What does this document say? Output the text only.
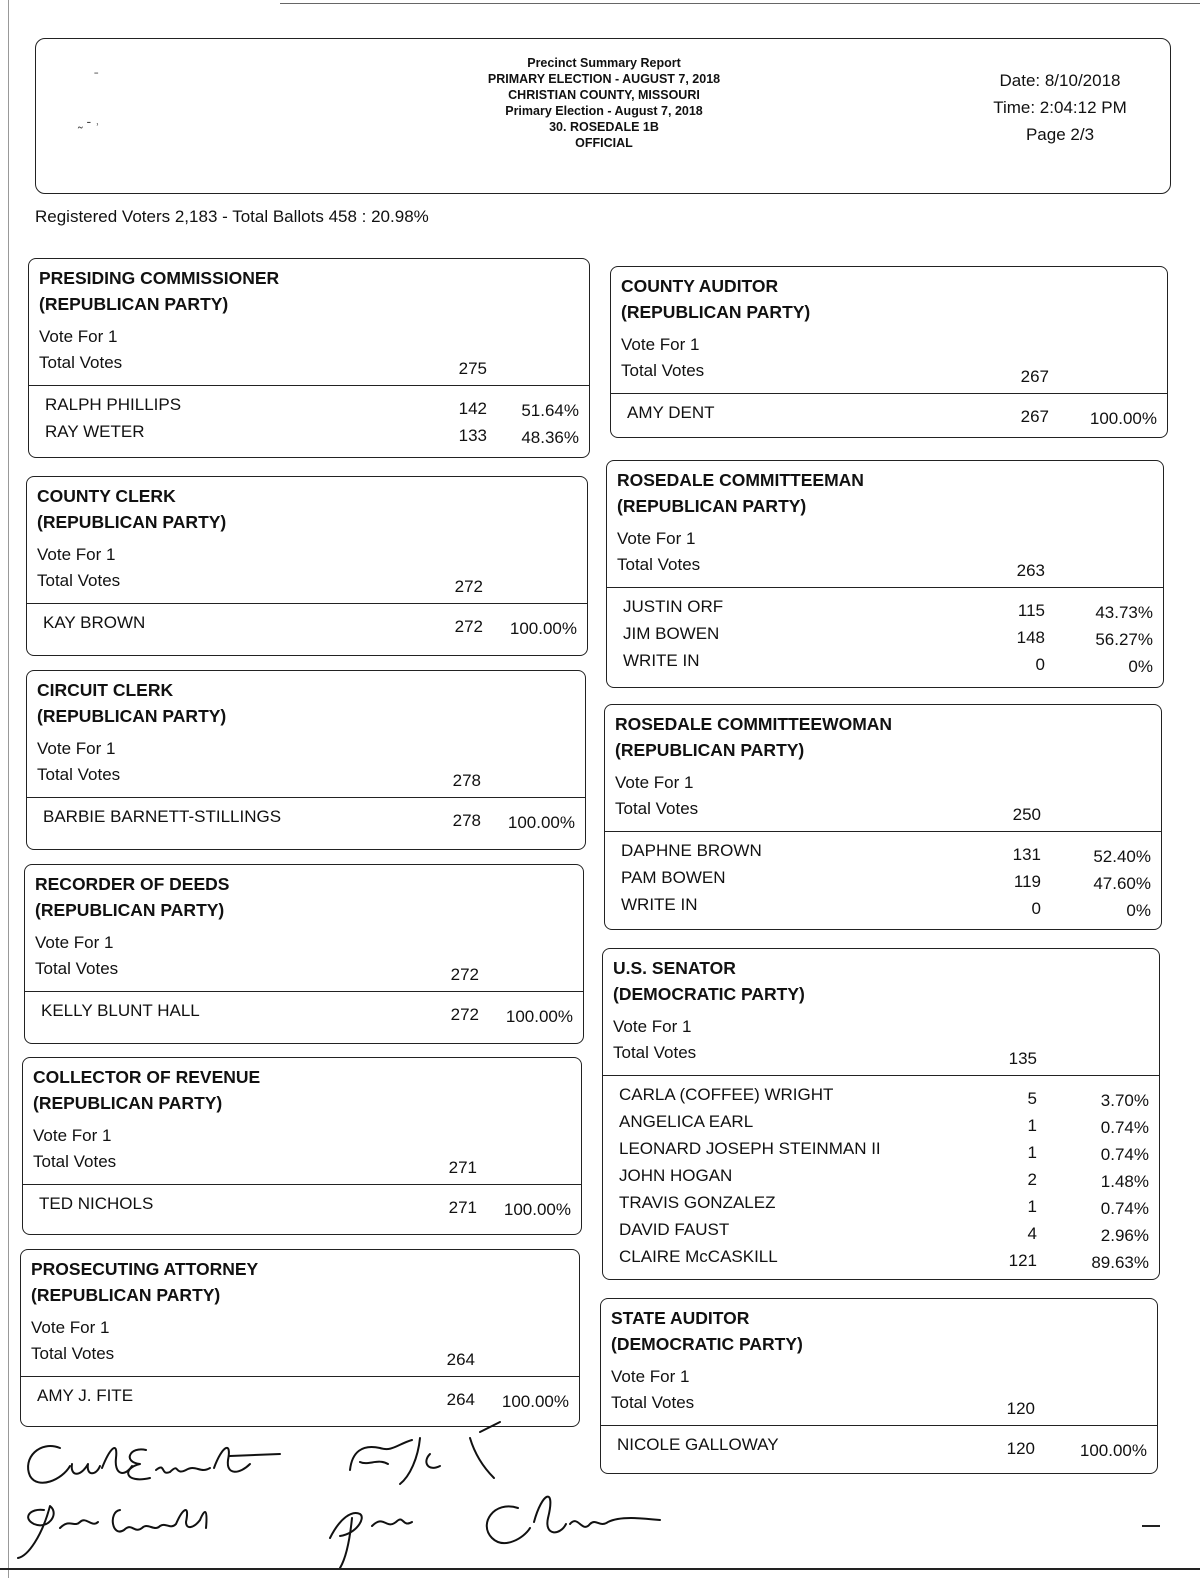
ˉ
˷ ‐ ˒
Precinct Summary Report
PRIMARY ELECTION - AUGUST 7, 2018
CHRISTIAN COUNTY, MISSOURI
Primary Election - August 7, 2018
30. ROSEDALE 1B
OFFICIAL
Date: 8/10/2018
Time: 2:04:12 PM
Page 2/3
Registered Voters 2,183 - Total Ballots 458 : 20.98%
PRESIDING COMMISSIONER
(REPUBLICAN PARTY)
Vote For 1
Total Votes	275
RALPH PHILLIPS	142	51.64%
RAY WETER	133	48.36%
COUNTY CLERK
(REPUBLICAN PARTY)
Vote For 1
Total Votes	272
KAY BROWN	272	100.00%
CIRCUIT CLERK
(REPUBLICAN PARTY)
Vote For 1
Total Votes	278
BARBIE BARNETT-STILLINGS	278	100.00%
RECORDER OF DEEDS
(REPUBLICAN PARTY)
Vote For 1
Total Votes	272
KELLY BLUNT HALL	272	100.00%
COLLECTOR OF REVENUE
(REPUBLICAN PARTY)
Vote For 1
Total Votes	271
TED NICHOLS	271	100.00%
PROSECUTING ATTORNEY
(REPUBLICAN PARTY)
Vote For 1
Total Votes	264
AMY J. FITE	264	100.00%
COUNTY AUDITOR
(REPUBLICAN PARTY)
Vote For 1
Total Votes	267
AMY DENT	267	100.00%
ROSEDALE COMMITTEEMAN
(REPUBLICAN PARTY)
Vote For 1
Total Votes	263
JUSTIN ORF	115	43.73%
JIM BOWEN	148	56.27%
WRITE IN	0	0%
ROSEDALE COMMITTEEWOMAN
(REPUBLICAN PARTY)
Vote For 1
Total Votes	250
DAPHNE BROWN	131	52.40%
PAM BOWEN	119	47.60%
WRITE IN	0	0%
U.S. SENATOR
(DEMOCRATIC PARTY)
Vote For 1
Total Votes	135
CARLA (COFFEE) WRIGHT	5	3.70%
ANGELICA EARL	1	0.74%
LEONARD JOSEPH STEINMAN II	1	0.74%
JOHN HOGAN	2	1.48%
TRAVIS GONZALEZ	1	0.74%
DAVID FAUST	4	2.96%
CLAIRE McCASKILL	121	89.63%
STATE AUDITOR
(DEMOCRATIC PARTY)
Vote For 1
Total Votes	120
NICOLE GALLOWAY	120	100.00%
